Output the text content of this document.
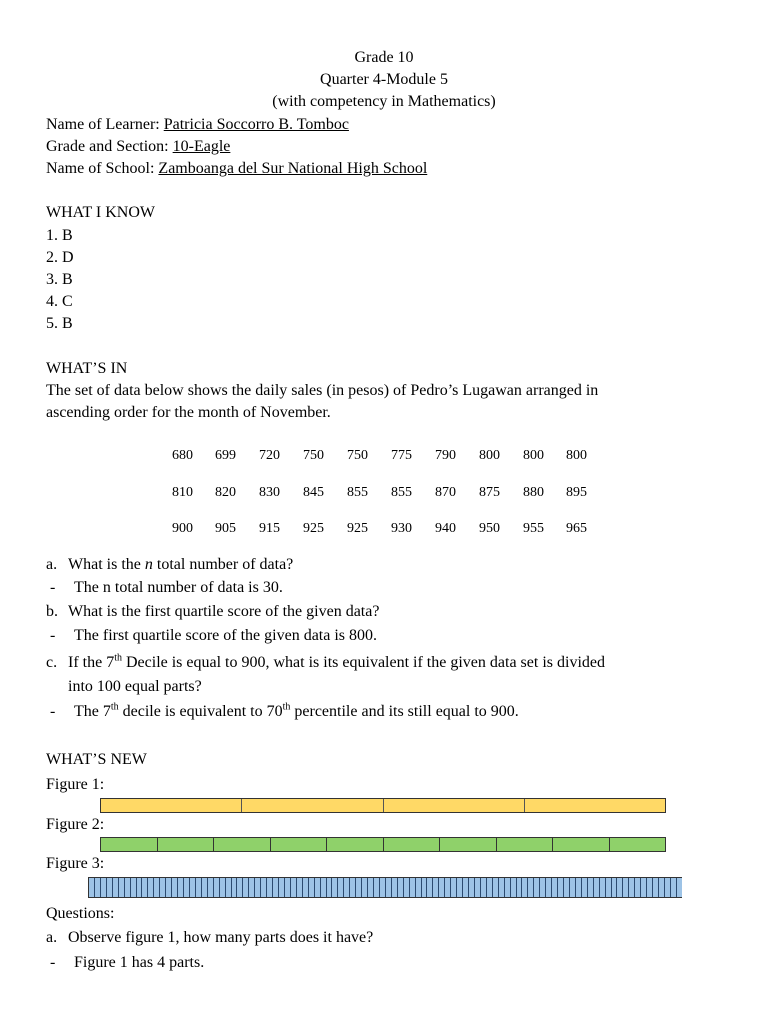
Grade 10
Quarter 4-Module 5
(with competency in Mathematics)
Name of Learner: Patricia Soccorro B. Tomboc
Grade and Section: 10-Eagle
Name of School: Zamboanga del Sur National High School
WHAT I KNOW
1. B
2. D
3. B
4. C
5. B
WHAT’S IN
The set of data below shows the daily sales (in pesos) of Pedro’s Lugawan arranged in
ascending order for the month of November.
680 699 720 750 750 775 790 800 800 800
810 820 830 845 855 855 870 875 880 895
900 905 915 925 925 930 940 950 955 965
a. What is the n total number of data?
- The n total number of data is 30.
b. What is the first quartile score of the given data?
- The first quartile score of the given data is 800.
c. If the 7th Decile is equal to 900, what is its equivalent if the given data set is divided
into 100 equal parts?
- The 7th decile is equivalent to 70th percentile and its still equal to 900.
WHAT’S NEW
Figure 1:
Figure 2:
Figure 3:
Questions:
a. Observe figure 1, how many parts does it have?
- Figure 1 has 4 parts.
